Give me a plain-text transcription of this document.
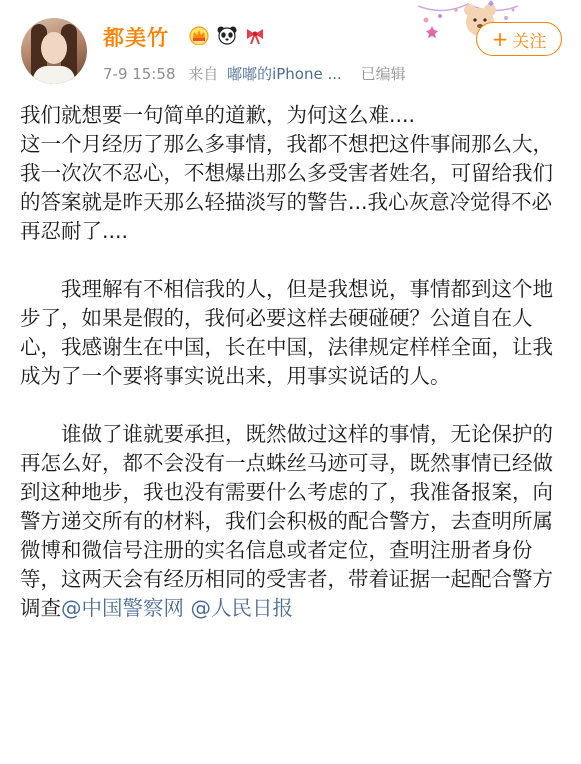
都美竹
7-9 15:58 来自 嘟嘟的iPhone ... 已编辑
+ 关注

我们就想要一句简单的道歉，为何这么难....
这一个月经历了那么多事情，我都不想把这件事闹那么大，我一次次不忍心，不想爆出那么多受害者姓名，可留给我们的答案就是昨天那么轻描淡写的警告...我心灰意冷觉得不必再忍耐了....

我理解有不相信我的人，但是我想说，事情都到这个地步了，如果是假的，我何必要这样去硬碰硬？公道自在人心，我感谢生在中国，长在中国，法律规定样样全面，让我成为了一个要将事实说出来，用事实说话的人。

谁做了谁就要承担，既然做过这样的事情，无论保护的再怎么好，都不会没有一点蛛丝马迹可寻，既然事情已经做到这种地步，我也没有需要什么考虑的了，我准备报案，向警方递交所有的材料，我们会积极的配合警方，去查明所属微博和微信号注册的实名信息或者定位，查明注册者身份等，这两天会有经历相同的受害者，带着证据一起配合警方调查@中国警察网 @人民日报
